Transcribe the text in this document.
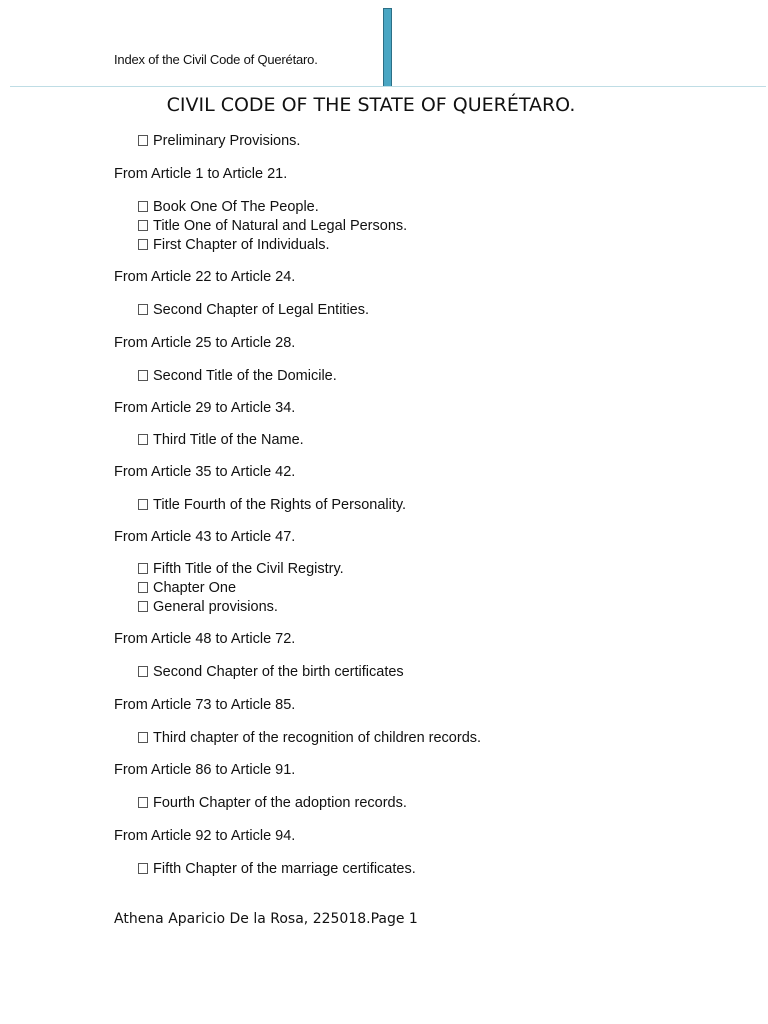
Index of the Civil Code of Querétaro.
CIVIL CODE OF THE STATE OF QUERÉTARO.
Preliminary Provisions.
From Article 1 to Article 21.
Book One Of The People.
Title One of Natural and Legal Persons.
First Chapter of Individuals.
From Article 22 to Article 24.
Second Chapter of Legal Entities.
From Article 25 to Article 28.
Second Title of the Domicile.
From Article 29 to Article 34.
Third Title of the Name.
From Article 35 to Article 42.
Title Fourth of the Rights of Personality.
From Article 43 to Article 47.
Fifth Title of the Civil Registry.
Chapter One
General provisions.
From Article 48 to Article 72.
Second Chapter of the birth certificates
From Article 73 to Article 85.
Third chapter of the recognition of children records.
From Article 86 to Article 91.
Fourth Chapter of the adoption records.
From Article 92 to Article 94.
Fifth Chapter of the marriage certificates.
Athena Aparicio De la Rosa, 225018.Page 1
